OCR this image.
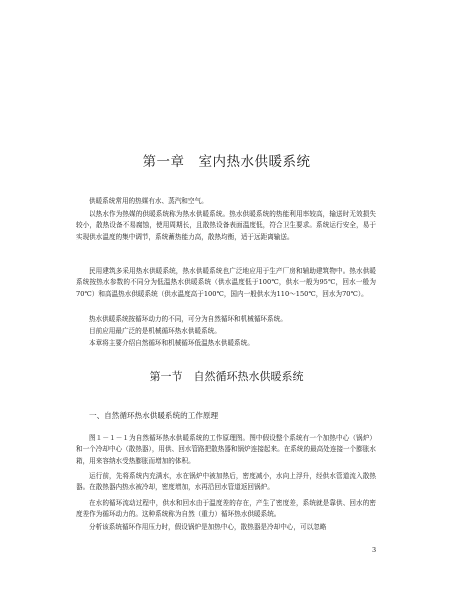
第一章　室内热水供暖系统

供暖系统常用的热媒有水、蒸汽和空气。

以热水作为热媒的供暖系统称为热水供暖系统。热水供暖系统的热能利用率较高，输送时无效损失较小，散热设备不易腐蚀，使用周期长，且散热设备表面温度低，符合卫生要求。系统运行安全，易于实现供水温度的集中调节，系统蓄热能力高，散热均衡，适于远距离输送。

民用建筑多采用热水供暖系统，热水供暖系统也广泛地应用于生产厂房和辅助建筑物中。热水供暖系统按热水参数的不同分为低温热水供暖系统（供水温度低于100℃，供水一般为95℃，回水一般为70℃）和高温热水供暖系统（供水温度高于100℃，国内一般供水为110～150℃，回水为70℃）。

热水供暖系统按循环动力的不同，可分为自然循环和机械循环系统。

目前应用最广泛的是机械循环热水供暖系统。

本章将主要介绍自然循环和机械循环低温热水供暖系统。

第一节　自然循环热水供暖系统
一、自然循环热水供暖系统的工作原理

图１－１－１为自然循环热水供暖系统的工作原理图。图中假设整个系统有一个加热中心（锅炉）和一个冷却中心（散热器），用供、回水管路把散热器和锅炉连接起来。在系统的最高处连接一个膨胀水箱，用来容纳水受热膨胀而增加的体积。

运行前，先将系统内充满水，水在锅炉中被加热后，密度减小，水向上浮升，经供水管道流入散热器。在散热器内热水被冷却，密度增加，水再沿回水管道返回锅炉。

在水的循环流动过程中，供水和回水由于温度差的存在，产生了密度差，系统就是靠供、回水的密度差作为循环动力的。这种系统称为自然（重力）循环热水供暖系统。

分析该系统循环作用压力时，假设锅炉是加热中心，散热器是冷却中心，可以忽略

3
